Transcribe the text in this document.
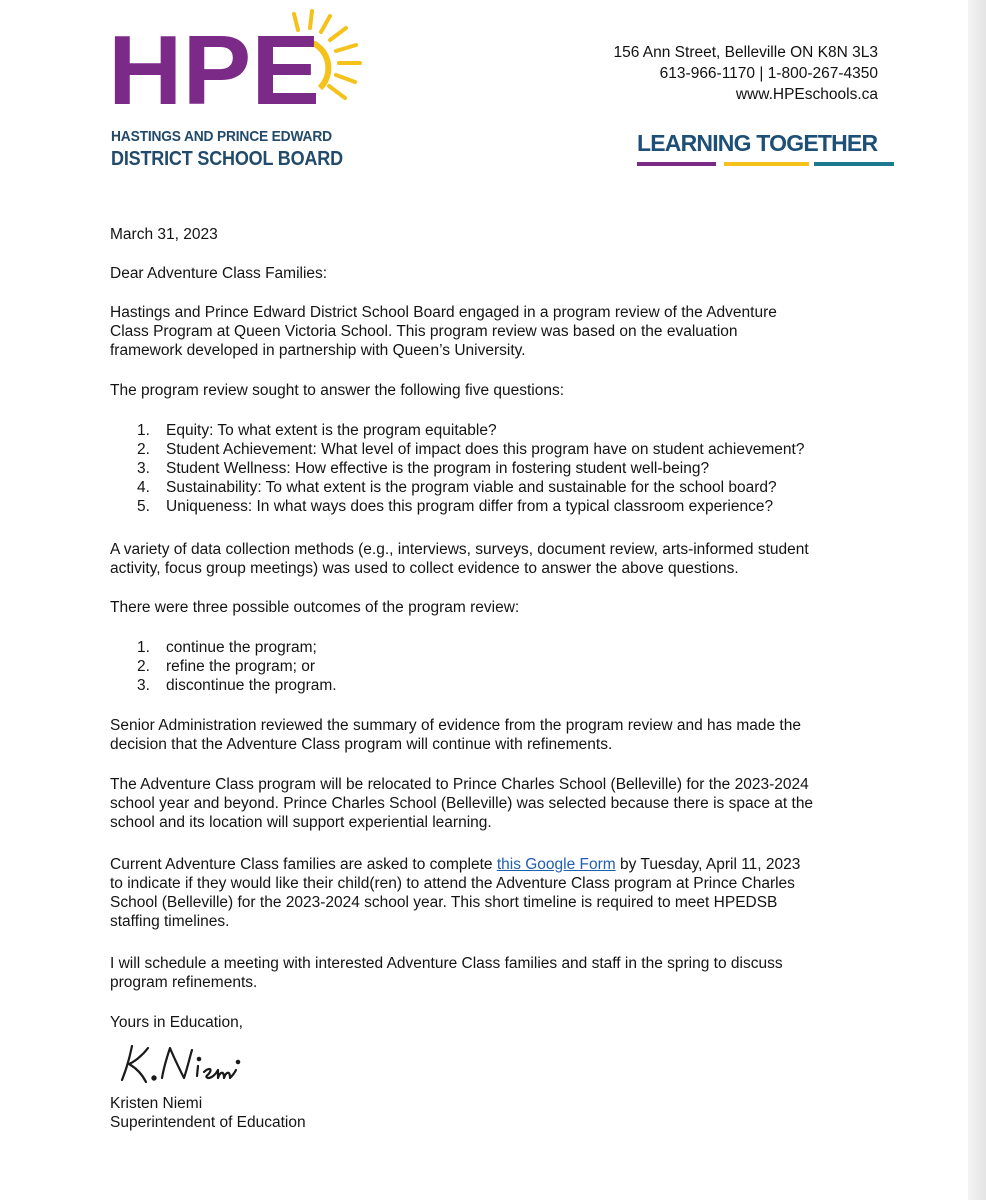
HPE
HASTINGS AND PRINCE EDWARD
DISTRICT SCHOOL BOARD
156 Ann Street, Belleville ON K8N 3L3
613-966-1170 | 1-800-267-4350
www.HPEschools.ca
LEARNING TOGETHER
March 31, 2023
Dear Adventure Class Families:
Hastings and Prince Edward District School Board engaged in a program review of the Adventure
Class Program at Queen Victoria School. This program review was based on the evaluation
framework developed in partnership with Queen’s University.
The program review sought to answer the following five questions:
1. Equity: To what extent is the program equitable?
2. Student Achievement: What level of impact does this program have on student achievement?
3. Student Wellness: How effective is the program in fostering student well-being?
4. Sustainability: To what extent is the program viable and sustainable for the school board?
5. Uniqueness: In what ways does this program differ from a typical classroom experience?
A variety of data collection methods (e.g., interviews, surveys, document review, arts-informed student
activity, focus group meetings) was used to collect evidence to answer the above questions.
There were three possible outcomes of the program review:
1. continue the program;
2. refine the program; or
3. discontinue the program.
Senior Administration reviewed the summary of evidence from the program review and has made the
decision that the Adventure Class program will continue with refinements.
The Adventure Class program will be relocated to Prince Charles School (Belleville) for the 2023-2024
school year and beyond. Prince Charles School (Belleville) was selected because there is space at the
school and its location will support experiential learning.
Current Adventure Class families are asked to complete this Google Form by Tuesday, April 11, 2023
to indicate if they would like their child(ren) to attend the Adventure Class program at Prince Charles
School (Belleville) for the 2023-2024 school year. This short timeline is required to meet HPEDSB
staffing timelines.
I will schedule a meeting with interested Adventure Class families and staff in the spring to discuss
program refinements.
Yours in Education,
Kristen Niemi
Superintendent of Education
